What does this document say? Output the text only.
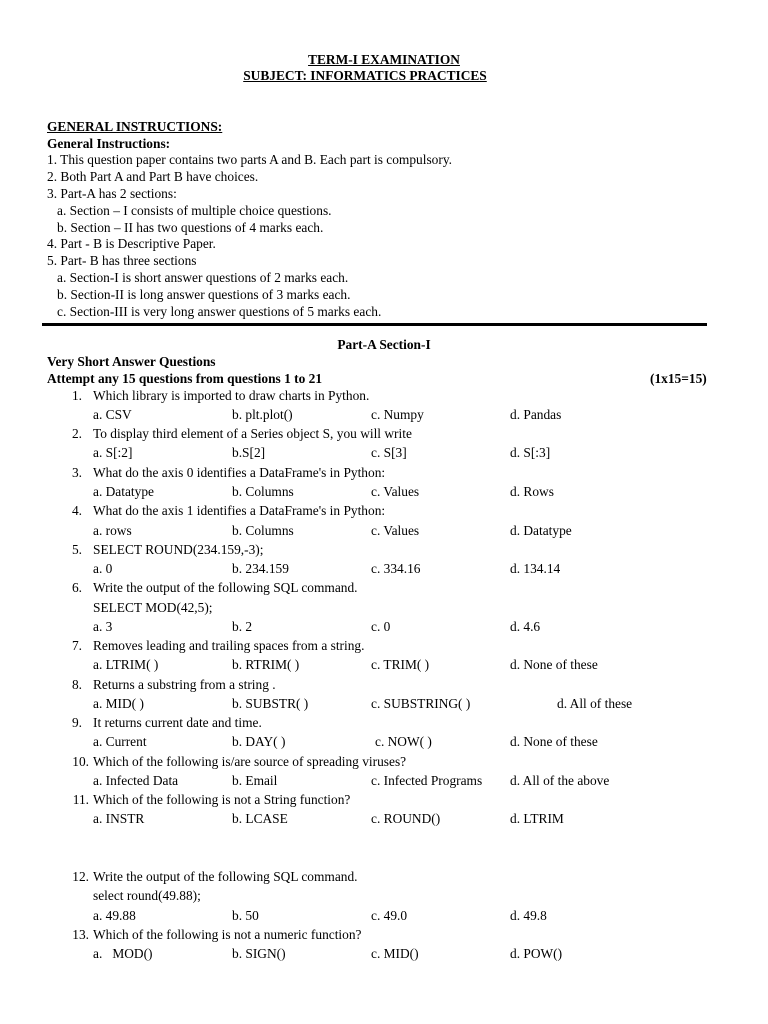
TERM-I EXAMINATION
SUBJECT: INFORMATICS PRACTICES
GENERAL INSTRUCTIONS:
General Instructions:
1. This question paper contains two parts A and B. Each part is compulsory.
2. Both Part A and Part B have choices.
3. Part-A has 2 sections:
a. Section – I consists of multiple choice questions.
b. Section – II has two questions of 4 marks each.
4. Part - B is Descriptive Paper.
5. Part- B has three sections
a. Section-I is short answer questions of 2 marks each.
b. Section-II is long answer questions of 3 marks each.
c. Section-III is very long answer questions of 5 marks each.
Part-A Section-I
Very Short Answer Questions
Attempt any 15 questions from questions 1 to 21	(1x15=15)
1. Which library is imported to draw charts in Python.
a. CSV	b. plt.plot()	c. Numpy	d. Pandas
2. To display third element of a Series object S, you will write
a. S[:2]	b.S[2]	c. S[3]	d. S[:3]
3. What do the axis 0 identifies a DataFrame's in Python:
a. Datatype	b. Columns	c. Values	d. Rows
4. What do the axis 1 identifies a DataFrame's in Python:
a. rows	b. Columns	c. Values	d. Datatype
5. SELECT ROUND(234.159,-3);
a. 0	b. 234.159	c. 334.16	d. 134.14
6. Write the output of the following SQL command.
SELECT MOD(42,5);
a. 3	b. 2	c. 0	d. 4.6
7. Removes leading and trailing spaces from a string.
a. LTRIM( )	b. RTRIM( )	c. TRIM( )	d. None of these
8. Returns a substring from a string .
a. MID( )	b. SUBSTR( )	c. SUBSTRING( )	d. All of these
9. It returns current date and time.
a. Current	b. DAY( )	c. NOW( )	d. None of these
10. Which of the following is/are source of spreading viruses?
a. Infected Data	b. Email	c. Infected Programs d. All of the above
11. Which of the following is not a String function?
a. INSTR	b. LCASE	c. ROUND()	d. LTRIM
12. Write the output of the following SQL command.
select round(49.88);
a. 49.88	b. 50	c. 49.0	d. 49.8
13. Which of the following is not a numeric function?
a.   MOD()	b. SIGN()	c. MID()	d. POW()
